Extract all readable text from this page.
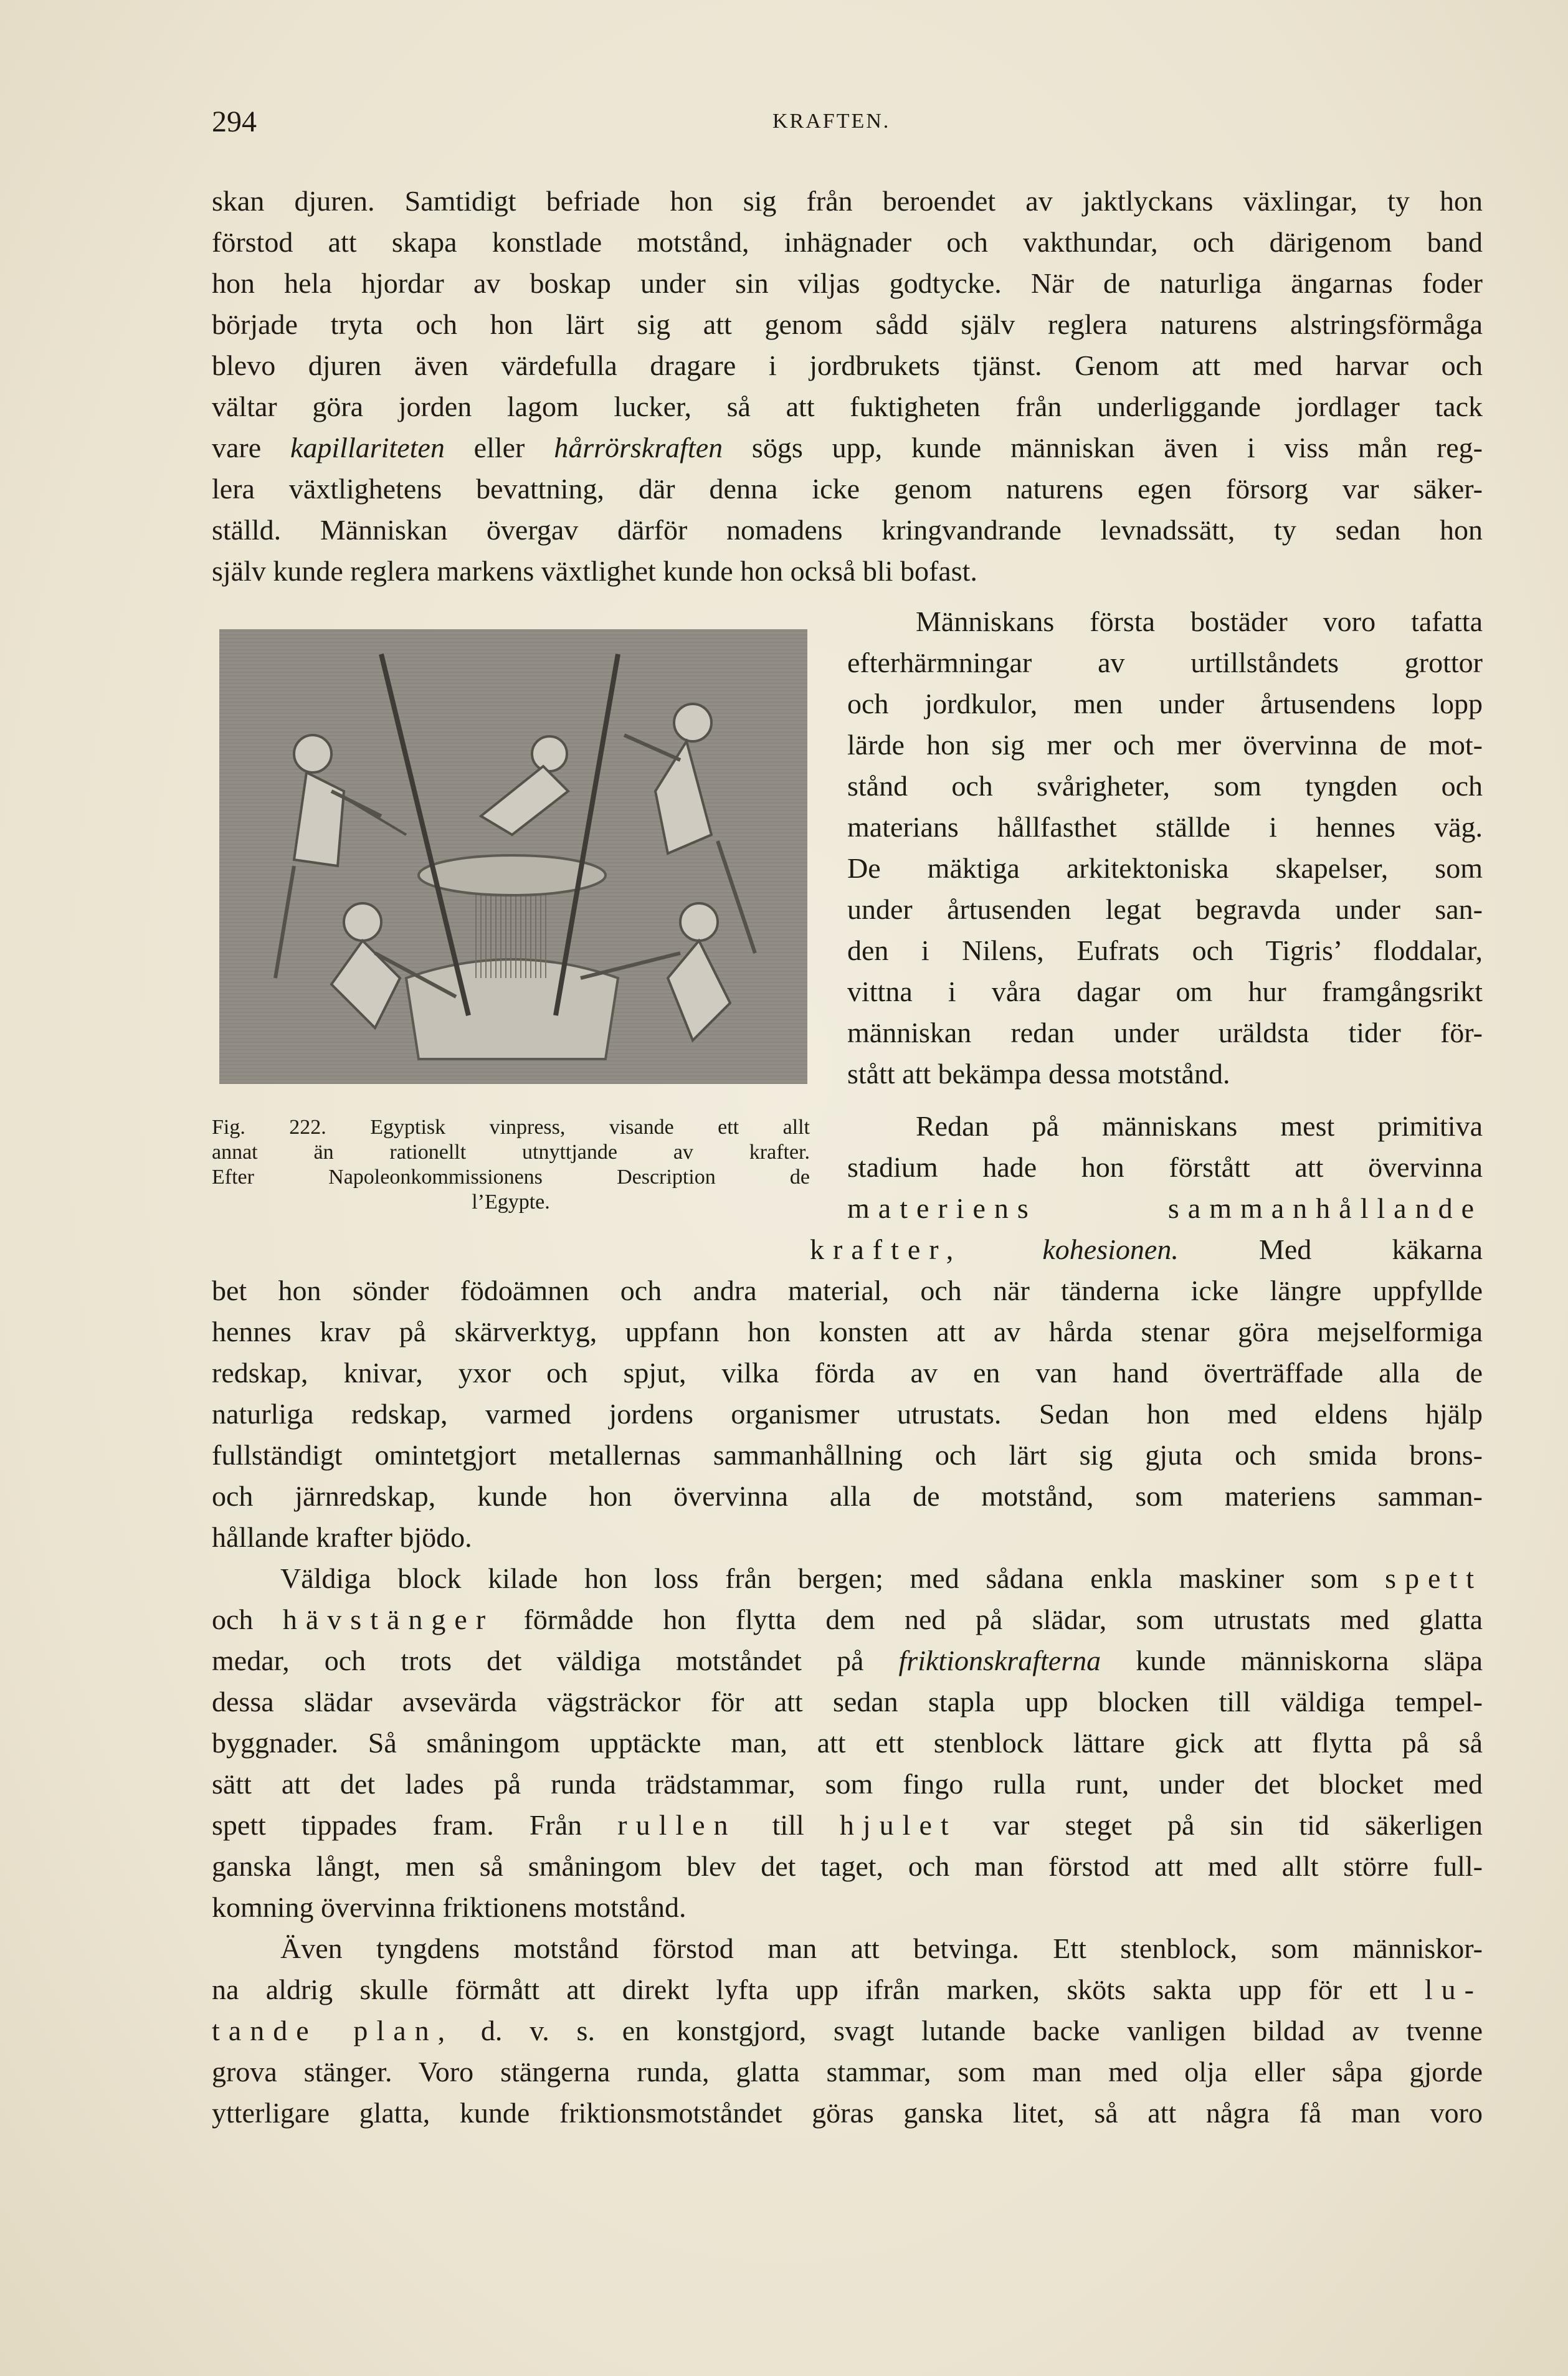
294	KRAFTEN.
skan djuren. Samtidigt befriade hon sig från beroendet av jaktlyckans växlingar, ty hon
förstod att skapa konstlade motstånd, inhägnader och vakthundar, och därigenom band
hon hela hjordar av boskap under sin viljas godtycke. När de naturliga ängarnas foder
började tryta och hon lärt sig att genom sådd själv reglera naturens alstringsförmåga
blevo djuren även värdefulla dragare i jordbrukets tjänst. Genom att med harvar och
vältar göra jorden lagom lucker, så att fuktigheten från underliggande jordlager tack
vare kapillariteten eller hårrörskraften sögs upp, kunde människan även i viss mån reg-
lera växtlighetens bevattning, där denna icke genom naturens egen försorg var säker-
ställd. Människan övergav därför nomadens kringvandrande levnadssätt, ty sedan hon
själv kunde reglera markens växtlighet kunde hon också bli bofast.
Fig. 222. Egyptisk vinpress, visande ett allt
annat än rationellt utnyttjande av krafter.
Efter Napoleonkommissionens Description de
l’Egypte.
Människans första bostäder voro tafatta
efterhärmningar av urtillståndets grottor
och jordkulor, men under årtusendens lopp
lärde hon sig mer och mer övervinna de mot-
stånd och svårigheter, som tyngden och
materians hållfasthet ställde i hennes väg.
De mäktiga arkitektoniska skapelser, som
under årtusenden legat begravda under san-
den i Nilens, Eufrats och Tigris’ floddalar,
vittna i våra dagar om hur framgångsrikt
människan redan under uräldsta tider för-
stått att bekämpa dessa motstånd.
Redan på människans mest primitiva
stadium hade hon förstått att övervinna
materiens sammanhållande
krafter,	kohesionen.	Med käkarna
bet hon sönder födoämnen och andra material, och när tänderna icke längre uppfyllde
hennes krav på skärverktyg, uppfann hon konsten att av hårda stenar göra mejselformiga
redskap, knivar, yxor och spjut, vilka förda av en van hand överträffade alla de
naturliga redskap, varmed jordens organismer utrustats. Sedan hon med eldens hjälp
fullständigt omintetgjort metallernas sammanhållning och lärt sig gjuta och smida brons-
och järnredskap, kunde hon övervinna alla de motstånd, som materiens samman-
hållande krafter bjödo.
Väldiga block kilade hon loss från bergen; med sådana enkla maskiner som spett
och hävstänger förmådde hon flytta dem ned på slädar, som utrustats med glatta
medar, och trots det väldiga motståndet på friktionskrafterna kunde människorna släpa
dessa slädar avsevärda vägsträckor för att sedan stapla upp blocken till väldiga tempel-
byggnader. Så småningom upptäckte man, att ett stenblock lättare gick att flytta på så
sätt att det lades på runda trädstammar, som fingo rulla runt, under det blocket med
spett tippades fram. Från rullen till hjulet var steget på sin tid säkerligen
ganska långt, men så småningom blev det taget, och man förstod att med allt större full-
komning övervinna friktionens motstånd.
Även tyngdens motstånd förstod man att betvinga. Ett stenblock, som människor-
na aldrig skulle förmått att direkt lyfta upp ifrån marken, sköts sakta upp för ett lu-
tande plan, d. v. s. en konstgjord, svagt lutande backe vanligen bildad av tvenne
grova stänger. Voro stängerna runda, glatta stammar, som man med olja eller såpa gjorde
ytterligare glatta, kunde friktionsmotståndet göras ganska litet, så att några få man voro
